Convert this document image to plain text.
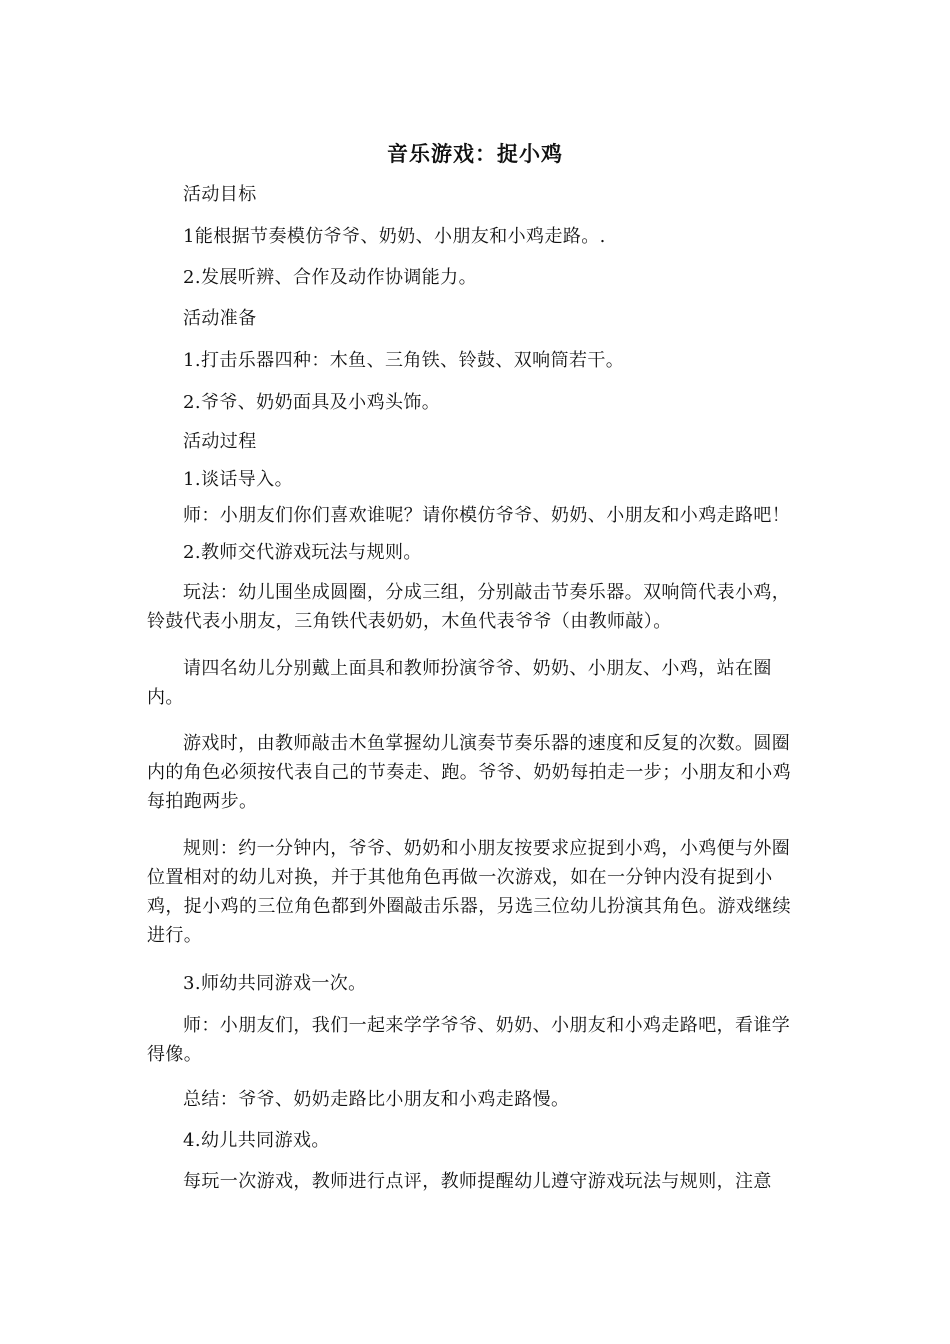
音乐游戏：捉小鸡

活动目标

1能根据节奏模仿爷爷、奶奶、小朋友和小鸡走路。.

2.发展听辨、合作及动作协调能力。

活动准备

1.打击乐器四种：木鱼、三角铁、铃鼓、双响筒若干。

2.爷爷、奶奶面具及小鸡头饰。

活动过程

1.谈话导入。

师：小朋友们你们喜欢谁呢？请你模仿爷爷、奶奶、小朋友和小鸡走路吧！

2.教师交代游戏玩法与规则。

玩法：幼儿围坐成圆圈，分成三组，分别敲击节奏乐器。双响筒代表小鸡，铃鼓代表小朋友，三角铁代表奶奶，木鱼代表爷爷（由教师敲）。

请四名幼儿分别戴上面具和教师扮演爷爷、奶奶、小朋友、小鸡，站在圈内。

游戏时，由教师敲击木鱼掌握幼儿演奏节奏乐器的速度和反复的次数。圆圈内的角色必须按代表自己的节奏走、跑。爷爷、奶奶每拍走一步；小朋友和小鸡每拍跑两步。

规则：约一分钟内，爷爷、奶奶和小朋友按要求应捉到小鸡，小鸡便与外圈位置相对的幼儿对换，并于其他角色再做一次游戏，如在一分钟内没有捉到小鸡，捉小鸡的三位角色都到外圈敲击乐器，另选三位幼儿扮演其角色。游戏继续进行。

3.师幼共同游戏一次。

师：小朋友们，我们一起来学学爷爷、奶奶、小朋友和小鸡走路吧，看谁学得像。

总结：爷爷、奶奶走路比小朋友和小鸡走路慢。

4.幼儿共同游戏。

每玩一次游戏，教师进行点评，教师提醒幼儿遵守游戏玩法与规则，注意
